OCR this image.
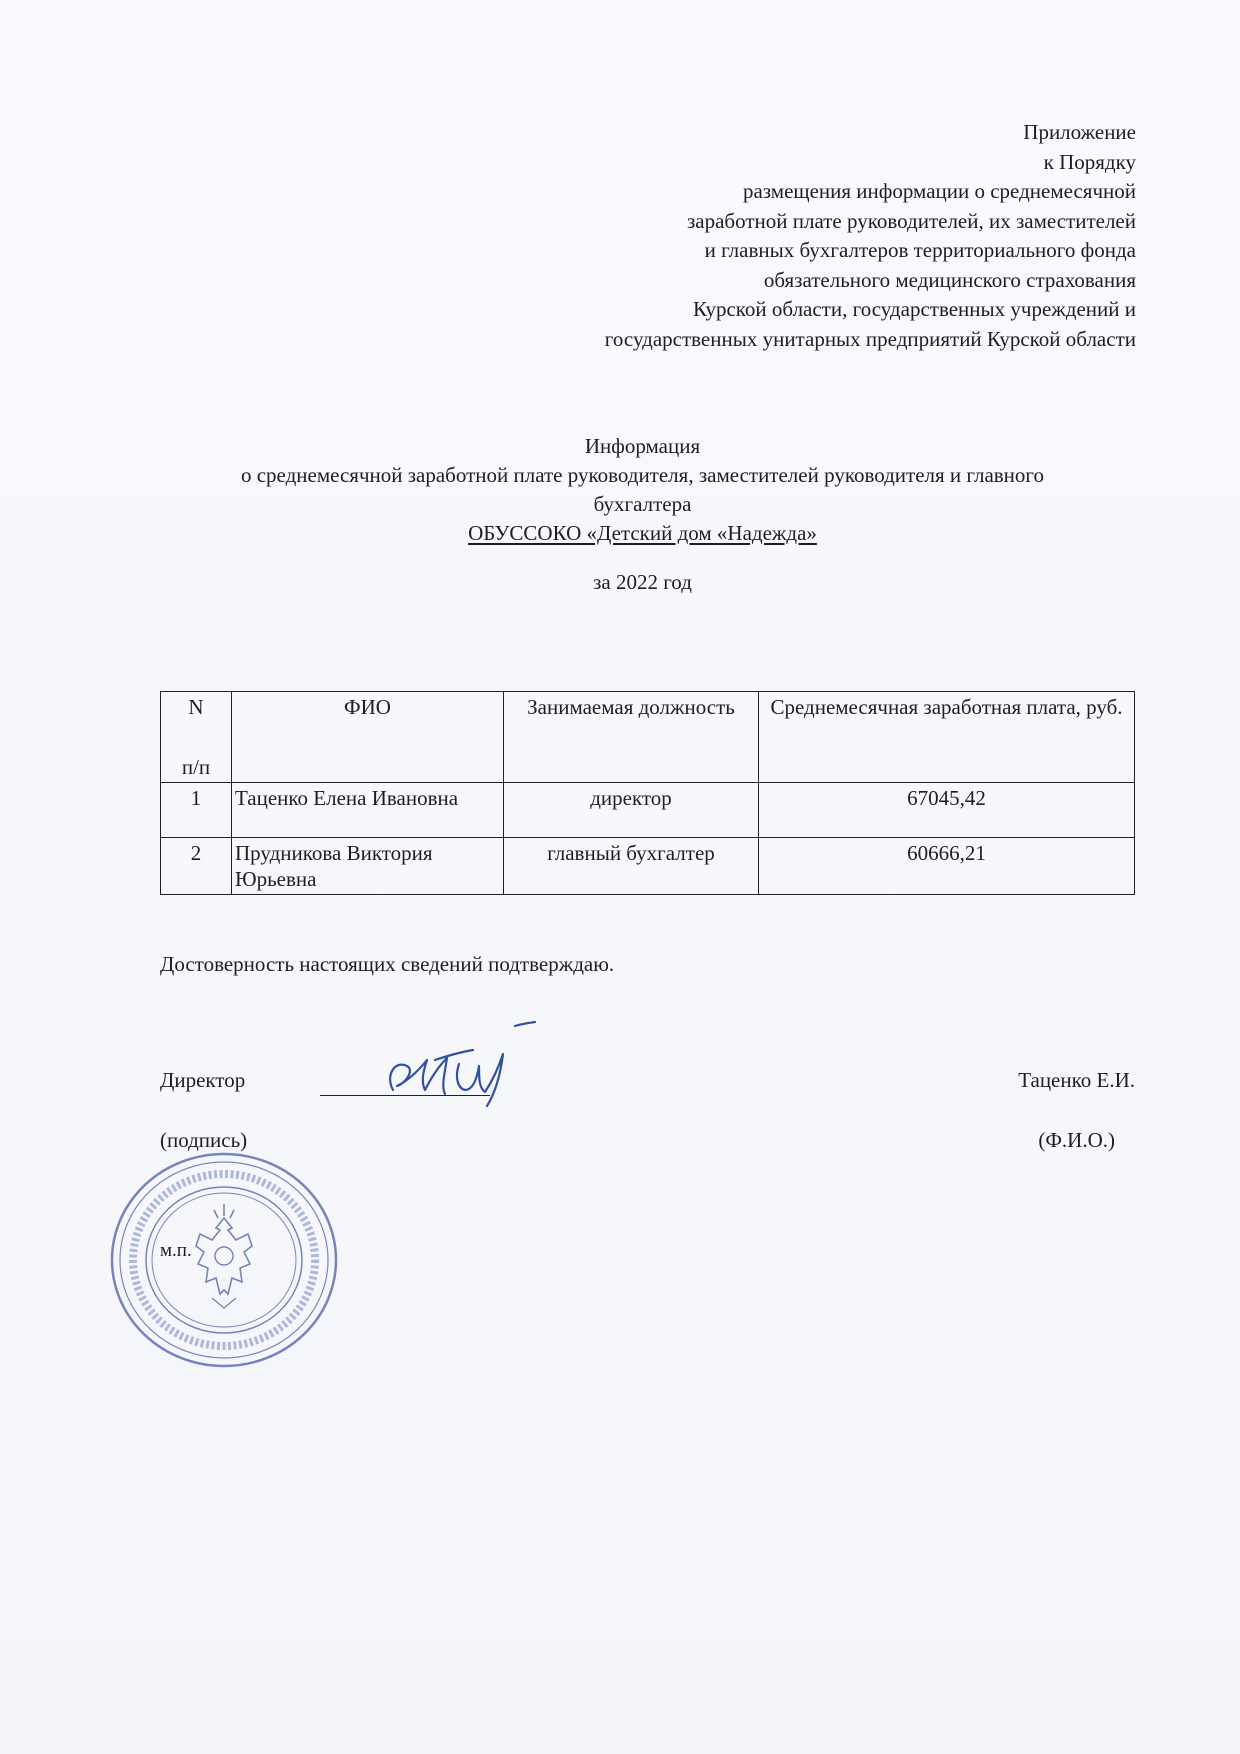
Приложение
к Порядку
размещения информации о среднемесячной
заработной плате руководителей, их заместителей
и главных бухгалтеров территориального фонда
обязательного медицинского страхования
Курской области, государственных учреждений и
государственных унитарных предприятий Курской области
Информация
о среднемесячной заработной плате руководителя, заместителей руководителя и главного
бухгалтера
ОБУССОКО «Детский дом «Надежда»
за 2022 год
N
п/п	ФИО	Занимаемая должность	Среднемесячная заработная плата, руб.
1	Таценко Елена Ивановна	директор	67045,42
2	Прудникова Виктория Юрьевна	главный бухгалтер	60666,21
Достоверность настоящих сведений подтверждаю.
Директор	Таценко Е.И.
(подпись)	(Ф.И.О.)
м.п.
